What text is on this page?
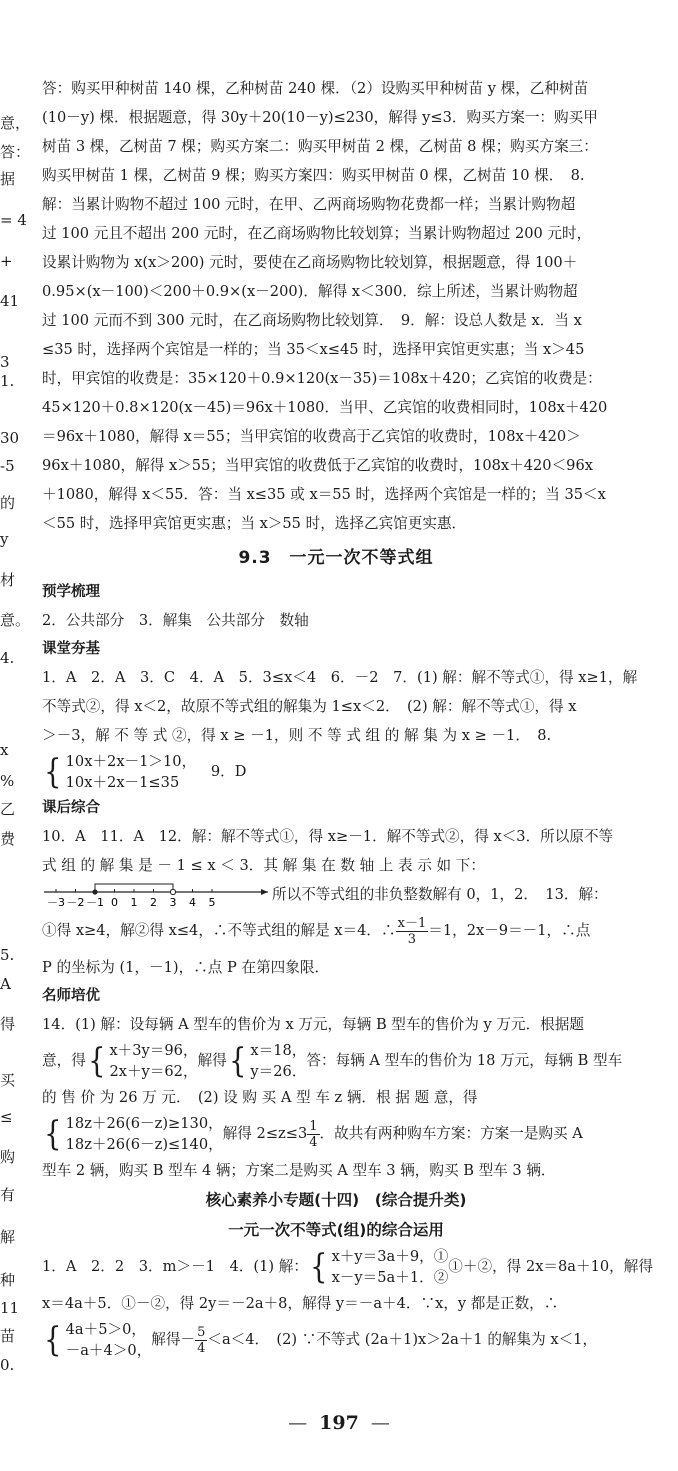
意，
答：
据
= 4
+
41
3
1.
30
-5
的
y
材
意。
4.
x
%
乙
费
5.
A
得
买
≤
购
有
解
种
11
苗
0.
答：购买甲种树苗 140 棵，乙种树苗 240 棵．（2）设购买甲种树苗 y 棵，乙种树苗
(10－y) 棵．根据题意，得 30y＋20(10－y)≤230，解得 y≤3．购买方案一：购买甲
树苗 3 棵，乙树苗 7 棵；购买方案二：购买甲树苗 2 棵，乙树苗 8 棵；购买方案三：
购买甲树苗 1 棵，乙树苗 9 棵；购买方案四：购买甲树苗 0 棵，乙树苗 10 棵．　8.
解：当累计购物不超过 100 元时，在甲、乙两商场购物花费都一样；当累计购物超
过 100 元且不超出 200 元时，在乙商场购物比较划算；当累计购物超过 200 元时，
设累计购物为 x(x＞200) 元时，要使在乙商场购物比较划算，根据题意，得 100＋
0.95×(x－100)＜200＋0.9×(x－200)．解得 x＜300．综上所述，当累计购物超
过 100 元而不到 300 元时，在乙商场购物比较划算．　9．解：设总人数是 x．当 x
≤35 时，选择两个宾馆是一样的；当 35＜x≤45 时，选择甲宾馆更实惠；当 x＞45
时，甲宾馆的收费是：35×120＋0.9×120(x－35)＝108x＋420；乙宾馆的收费是：
45×120＋0.8×120(x－45)＝96x＋1080．当甲、乙宾馆的收费相同时，108x＋420
＝96x＋1080，解得 x＝55；当甲宾馆的收费高于乙宾馆的收费时，108x＋420＞
96x＋1080，解得 x＞55；当甲宾馆的收费低于乙宾馆的收费时，108x＋420＜96x
＋1080，解得 x＜55．答：当 x≤35 或 x＝55 时，选择两个宾馆是一样的；当 35＜x
＜55 时，选择甲宾馆更实惠；当 x＞55 时，选择乙宾馆更实惠．
9.3　一元一次不等式组
预学梳理
2．公共部分　3．解集　公共部分　数轴
课堂夯基
1．A　2．A　3．C　4．A　5．3≤x＜4　6．－2　7．(1) 解：解不等式①，得 x≥1，解
不等式②，得 x＜2，故原不等式组的解集为 1≤x＜2．　(2) 解：解不等式①，得 x
＞－3，解 不 等 式 ②，得 x ≥ －1，则 不 等 式 组 的 解 集 为 x ≥ －1．　8.
{ 10x＋2x－1＞10，
10x＋2x－1≤35
9．D
课后综合
10．A　11．A　12．解：解不等式①，得 x≥－1．解不等式②，得 x＜3．所以原不等
式 组 的 解 集 是 － 1 ≤ x ＜ 3．其 解 集 在 数 轴 上 表 示 如 下：
－3 －2 －1 0 1 2 3 4 5	所以不等式组的非负整数解有 0，1，2．　13．解：
①得 x≥4，解②得 x≤4，∴不等式组的解是 x＝4．∴ $\frac{x-1}{3} =1$，2x－9＝－1，∴点
P 的坐标为 (1，－1)，∴点 P 在第四象限．
名师培优
14．(1) 解：设每辆 A 型车的售价为 x 万元，每辆 B 型车的售价为 y 万元．根据题
意，得 { x＋3y＝96，
2x＋y＝62，
解得 { x＝18，
y＝26．
答：每辆 A 型车的售价为 18 万元，每辆 B 型车
的 售 价 为 26 万 元．　(2) 设 购 买 A 型 车 z 辆．根 据 题 意，得
{ 18z＋26(6－z)≥130，
18z＋26(6－z)≤140，
解得 $2\le z\le 3 \frac{1}{4}$ ．故共有两种购车方案：方案一是购买 A
型车 2 辆，购买 B 型车 4 辆；方案二是购买 A 型车 3 辆，购买 B 型车 3 辆．
核心素养小专题(十四)　(综合提升类)
一元一次不等式(组)的综合运用
1．A　2．2　3．m＞－1　4．(1) 解： { x＋y＝3a＋9，①
x－y＝5a＋1．②
①＋②，得 2x＝8a＋10，解得
x＝4a＋5．①－②，得 2y＝－2a＋8，解得 y＝－a＋4．∵x，y 都是正数，∴
{ 4a＋5＞0，
－a＋4＞0，
解得－ $\frac{5}{4} <a<4$．　(2) ∵不等式 (2a＋1)x＞2a＋1 的解集为 x＜1，
— 197 —
